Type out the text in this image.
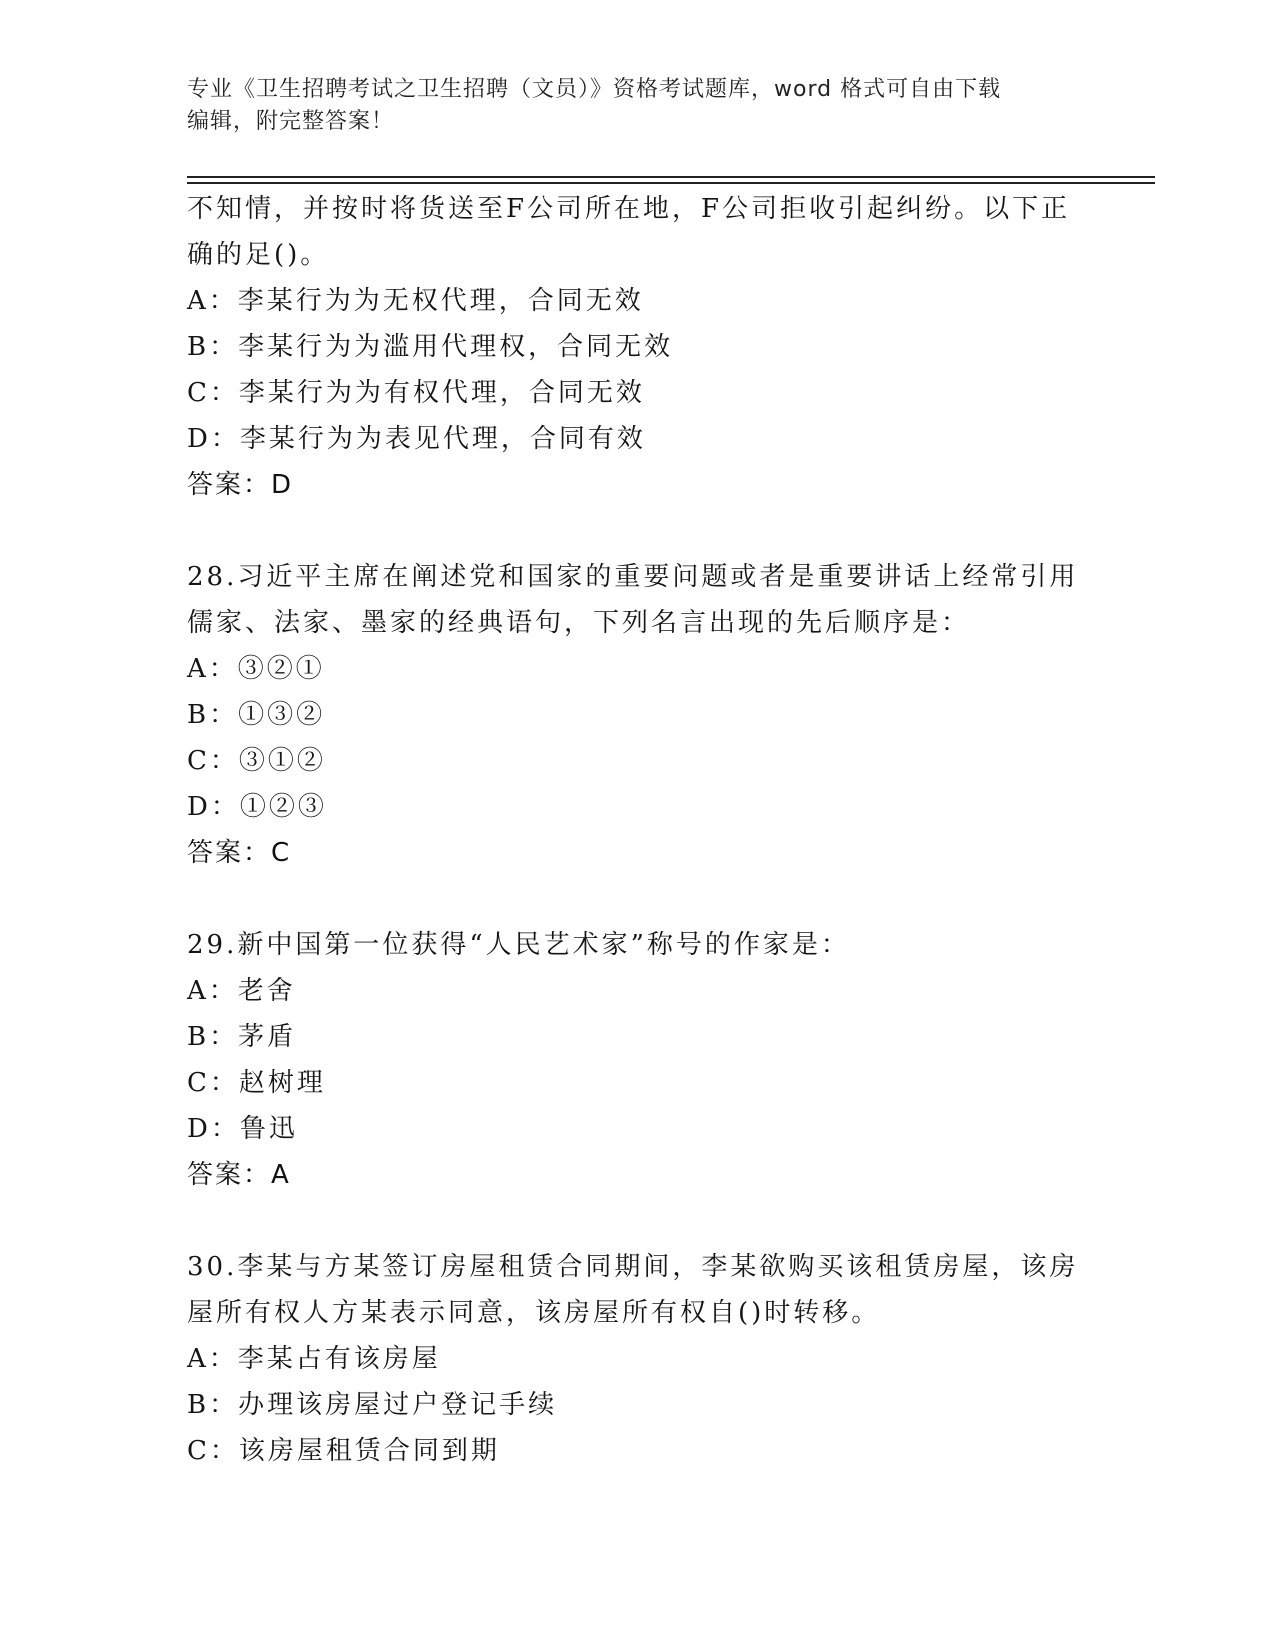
专业《卫生招聘考试之卫生招聘（文员）》资格考试题库，word 格式可自由下载
编辑，附完整答案！
不知情，并按时将货送至F公司所在地，F公司拒收引起纠纷。以下正
确的足()。
A：李某行为为无权代理，合同无效
B：李某行为为滥用代理权，合同无效
C：李某行为为有权代理，合同无效
D：李某行为为表见代理，合同有效
答案：D
28.习近平主席在阐述党和国家的重要问题或者是重要讲话上经常引用
儒家、法家、墨家的经典语句，下列名言出现的先后顺序是：
A：③②①
B：①③②
C：③①②
D：①②③
答案：C
29.新中国第一位获得“人民艺术家”称号的作家是：
A：老舍
B：茅盾
C：赵树理
D：鲁迅
答案：A
30.李某与方某签订房屋租赁合同期间，李某欲购买该租赁房屋，该房
屋所有权人方某表示同意，该房屋所有权自()时转移。
A：李某占有该房屋
B：办理该房屋过户登记手续
C：该房屋租赁合同到期
